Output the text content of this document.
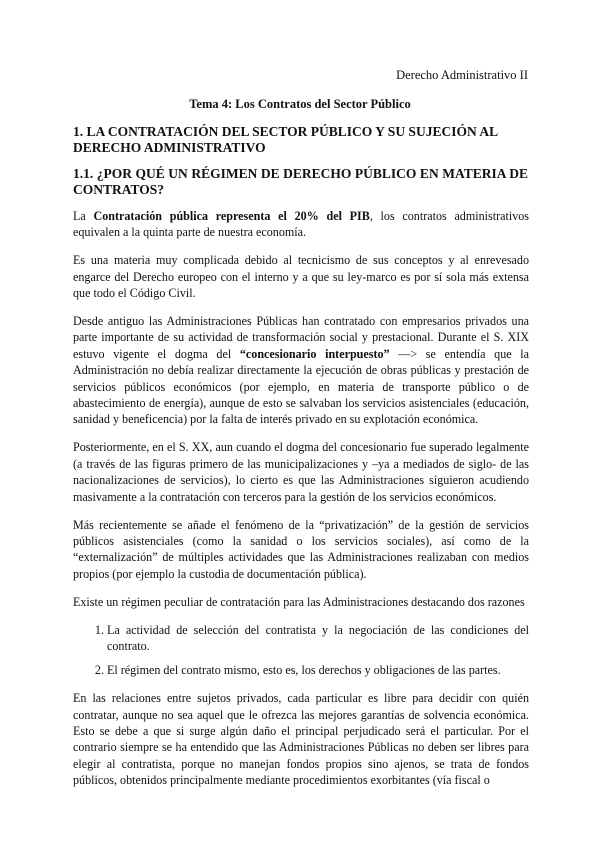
Derecho Administrativo II
Tema 4: Los Contratos del Sector Público
1. LA CONTRATACIÓN DEL SECTOR PÚBLICO Y SU SUJECIÓN AL DERECHO ADMINISTRATIVO
1.1. ¿POR QUÉ UN RÉGIMEN DE DERECHO PÚBLICO EN MATERIA DE CONTRATOS?

La Contratación pública representa el 20% del PIB, los contratos administrativos equivalen a la quinta parte de nuestra economía.

Es una materia muy complicada debido al tecnicismo de sus conceptos y al enrevesado engarce del Derecho europeo con el interno y a que su ley-marco es por sí sola más extensa que todo el Código Civil.

Desde antiguo las Administraciones Públicas han contratado con empresarios privados una parte importante de su actividad de transformación social y prestacional. Durante el S. XIX estuvo vigente el dogma del “concesionario interpuesto” —> se entendía que la Administración no debía realizar directamente la ejecución de obras públicas y prestación de servicios públicos económicos (por ejemplo, en materia de transporte público o de abastecimiento de energía), aunque de esto se salvaban los servicios asistenciales (educación, sanidad y beneficencia) por la falta de interés privado en su explotación económica.

Posteriormente, en el S. XX, aun cuando el dogma del concesionario fue superado legalmente (a través de las figuras primero de las municipalizaciones y –ya a mediados de siglo- de las nacionalizaciones de servicios), lo cierto es que las Administraciones siguieron acudiendo masivamente a la contratación con terceros para la gestión de los servicios económicos.

Más recientemente se añade el fenómeno de la “privatización” de la gestión de servicios públicos asistenciales (como la sanidad o los servicios sociales), así como de la “externalización” de múltiples actividades que las Administraciones realizaban con medios propios (por ejemplo la custodia de documentación pública).

Existe un régimen peculiar de contratación para las Administraciones destacando dos razones

1. La actividad de selección del contratista y la negociación de las condiciones del contrato.
2. El régimen del contrato mismo, esto es, los derechos y obligaciones de las partes.

En las relaciones entre sujetos privados, cada particular es libre para decidir con quién contratar, aunque no sea aquel que le ofrezca las mejores garantías de solvencia económica. Esto se debe a que si surge algún daño el principal perjudicado será el particular. Por el contrario siempre se ha entendido que las Administraciones Públicas no deben ser libres para elegir al contratista, porque no manejan fondos propios sino ajenos, se trata de fondos públicos, obtenidos principalmente mediante procedimientos exorbitantes (vía fiscal o
